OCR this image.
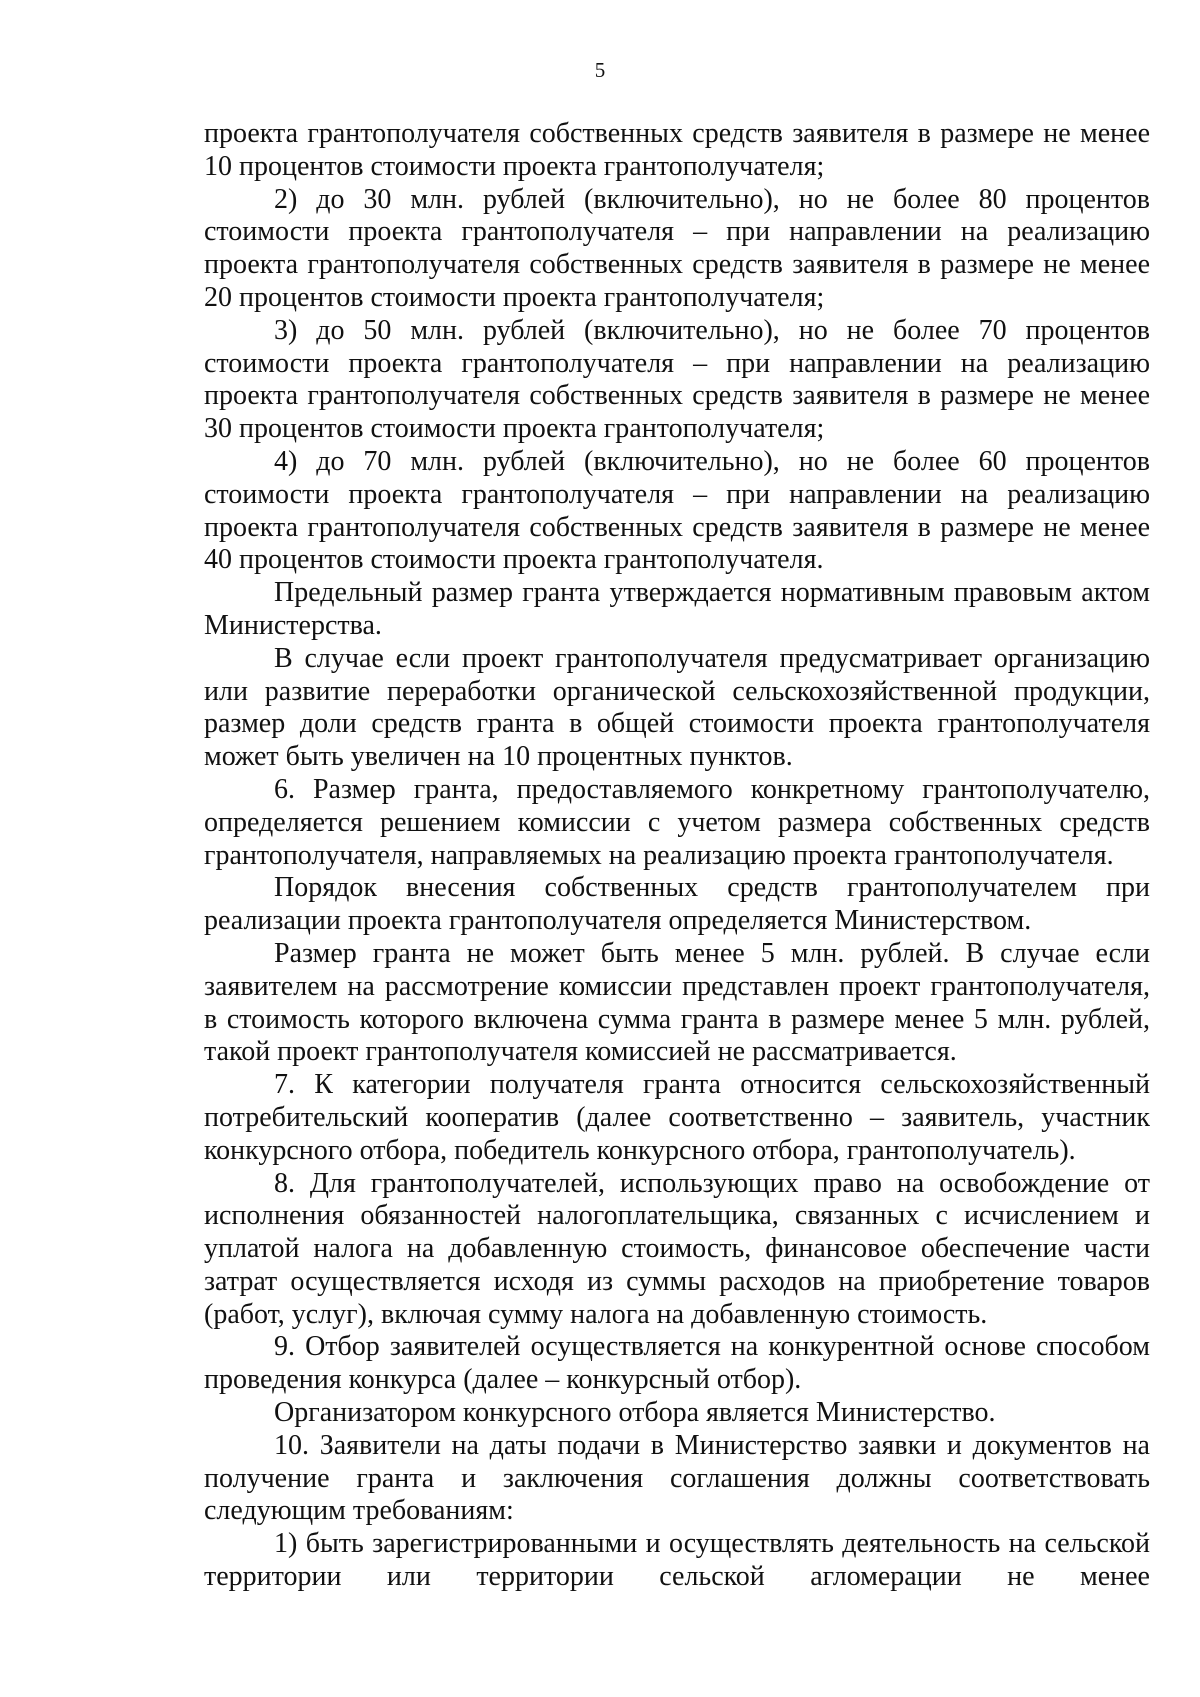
5

проекта грантополучателя собственных средств заявителя в размере не менее 10 процентов стоимости проекта грантополучателя;

2) до 30 млн. рублей (включительно), но не более 80 процентов стоимости проекта грантополучателя – при направлении на реализацию проекта грантополучателя собственных средств заявителя в размере не менее 20 процентов стоимости проекта грантополучателя;

3) до 50 млн. рублей (включительно), но не более 70 процентов стоимости проекта грантополучателя – при направлении на реализацию проекта грантополучателя собственных средств заявителя в размере не менее 30 процентов стоимости проекта грантополучателя;

4) до 70 млн. рублей (включительно), но не более 60 процентов стоимости проекта грантополучателя – при направлении на реализацию проекта грантополучателя собственных средств заявителя в размере не менее 40 процентов стоимости проекта грантополучателя.

Предельный размер гранта утверждается нормативным правовым актом Министерства.

В случае если проект грантополучателя предусматривает организацию или развитие переработки органической сельскохозяйственной продукции, размер доли средств гранта в общей стоимости проекта грантополучателя может быть увеличен на 10 процентных пунктов.

6. Размер гранта, предоставляемого конкретному грантополучателю, определяется решением комиссии с учетом размера собственных средств грантополучателя, направляемых на реализацию проекта грантополучателя.

Порядок внесения собственных средств грантополучателем при реализации проекта грантополучателя определяется Министерством.

Размер гранта не может быть менее 5 млн. рублей. В случае если заявителем на рассмотрение комиссии представлен проект грантополучателя, в стоимость которого включена сумма гранта в размере менее 5 млн. рублей, такой проект грантополучателя комиссией не рассматривается.

7. К категории получателя гранта относится сельскохозяйственный потребительский кооператив (далее соответственно – заявитель, участник конкурсного отбора, победитель конкурсного отбора, грантополучатель).

8. Для грантополучателей, использующих право на освобождение от исполнения обязанностей налогоплательщика, связанных с исчислением и уплатой налога на добавленную стоимость, финансовое обеспечение части затрат осуществляется исходя из суммы расходов на приобретение товаров (работ, услуг), включая сумму налога на добавленную стоимость.

9. Отбор заявителей осуществляется на конкурентной основе способом проведения конкурса (далее – конкурсный отбор).

Организатором конкурсного отбора является Министерство.

10. Заявители на даты подачи в Министерство заявки и документов на получение гранта и заключения соглашения должны соответствовать следующим требованиям:

1) быть зарегистрированными и осуществлять деятельность на сельской территории или территории сельской агломерации не менее
